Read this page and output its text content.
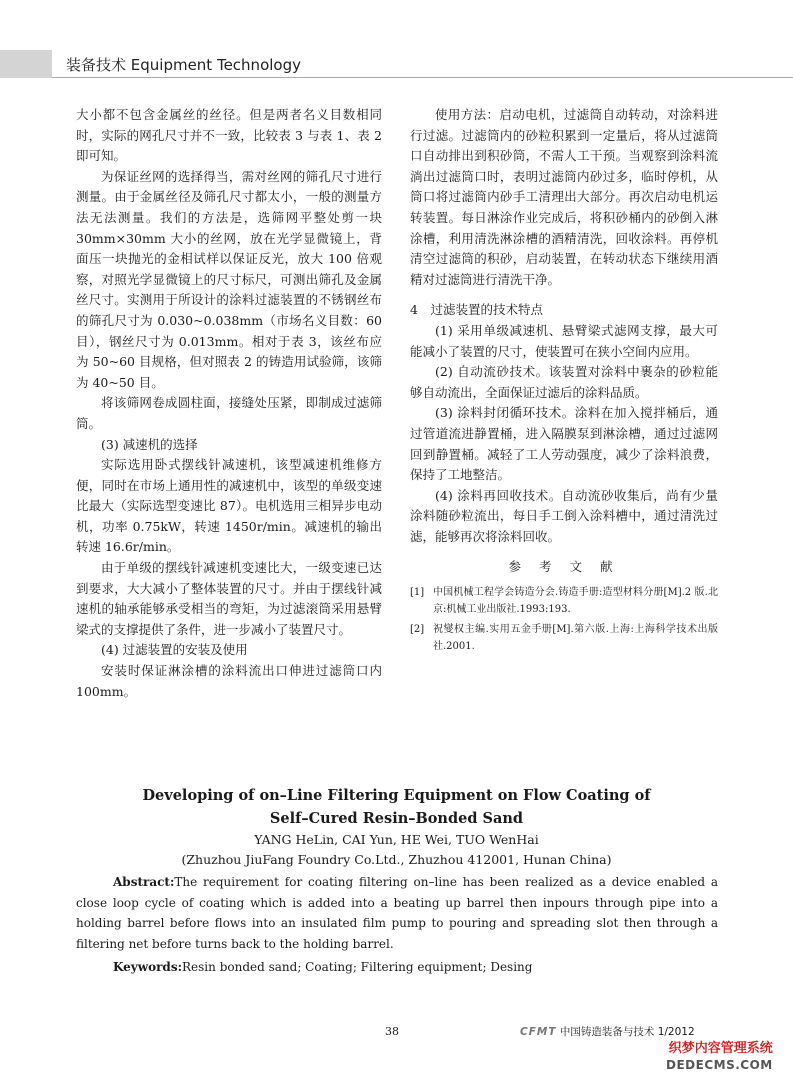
装备技术 Equipment Technology

大小都不包含金属丝的丝径。但是两者名义目数相同时，实际的网孔尺寸并不一致，比较表 3 与表 1、表 2 即可知。

为保证丝网的选择得当，需对丝网的筛孔尺寸进行测量。由于金属丝径及筛孔尺寸都太小，一般的测量方法无法测量。我们的方法是，选筛网平整处剪一块 30mm×30mm 大小的丝网，放在光学显微镜上，背面压一块抛光的金相试样以保证反光，放大 100 倍观察，对照光学显微镜上的尺寸标尺，可测出筛孔及金属丝尺寸。实测用于所设计的涂料过滤装置的不锈钢丝布的筛孔尺寸为 0.030~0.038mm（市场名义目数：60 目），钢丝尺寸为 0.013mm。相对于表 3，该丝布应为 50~60 目规格，但对照表 2 的铸造用试验筛，该筛为 40~50 目。

将该筛网卷成圆柱面，接缝处压紧，即制成过滤筛筒。

(3) 减速机的选择

实际选用卧式摆线针减速机，该型减速机维修方便，同时在市场上通用性的减速机中，该型的单级变速比最大（实际选型变速比 87）。电机选用三相异步电动机，功率 0.75kW，转速 1450r/min。减速机的输出转速 16.6r/min。

由于单级的摆线针减速机变速比大，一级变速已达到要求，大大减小了整体装置的尺寸。并由于摆线针减速机的轴承能够承受相当的弯矩，为过滤滚筒采用悬臂梁式的支撑提供了条件，进一步减小了装置尺寸。

(4) 过滤装置的安装及使用

安装时保证淋涂槽的涂料流出口伸进过滤筒口内 100mm。

使用方法：启动电机，过滤筒自动转动，对涂料进行过滤。过滤筒内的砂粒积累到一定量后，将从过滤筒口自动排出到积砂筒，不需人工干预。当观察到涂料流淌出过滤筒口时，表明过滤筒内砂过多，临时停机，从筒口将过滤筒内砂手工清理出大部分。再次启动电机运转装置。每日淋涂作业完成后，将积砂桶内的砂倒入淋涂槽，利用清洗淋涂槽的酒精清洗，回收涂料。再停机清空过滤筒的积砂，启动装置，在转动状态下继续用酒精对过滤筒进行清洗干净。

4　过滤装置的技术特点

(1) 采用单级减速机、悬臂梁式滤网支撑，最大可能减小了装置的尺寸，使装置可在狭小空间内应用。

(2) 自动流砂技术。该装置对涂料中裹杂的砂粒能够自动流出，全面保证过滤后的涂料品质。

(3) 涂料封闭循环技术。涂料在加入搅拌桶后，通过管道流进静置桶，进入隔膜泵到淋涂槽，通过过滤网回到静置桶。减轻了工人劳动强度，减少了涂料浪费，保持了工地整洁。

(4) 涂料再回收技术。自动流砂收集后，尚有少量涂料随砂粒流出，每日手工倒入涂料槽中，通过清洗过滤，能够再次将涂料回收。

参 考 文 献
[1] 中国机械工程学会铸造分会.铸造手册:造型材料分册[M].2 版.北京:机械工业出版社.1993:193.
[2] 祝燮权主编.实用五金手册[M].第六版.上海:上海科学技术出版社.2001.
Developing of on–Line Filtering Equipment on Flow Coating of
Self–Cured Resin–Bonded Sand
YANG HeLin, CAI Yun, HE Wei, TUO WenHai
(Zhuzhou JiuFang Foundry Co.Ltd., Zhuzhou 412001, Hunan China)
Abstract:The requirement for coating filtering on–line has been realized as a device enabled a close loop cycle of coating which is added into a beating up barrel then inpours through pipe into a holding barrel before flows into an insulated film pump to pouring and spreading slot then through a filtering net before turns back to the holding barrel.
Keywords:Resin bonded sand; Coating; Filtering equipment; Desing
38	CFMT 中国铸造装备与技术 1/2012
织梦内容管理系统
DEDECMS.COM
